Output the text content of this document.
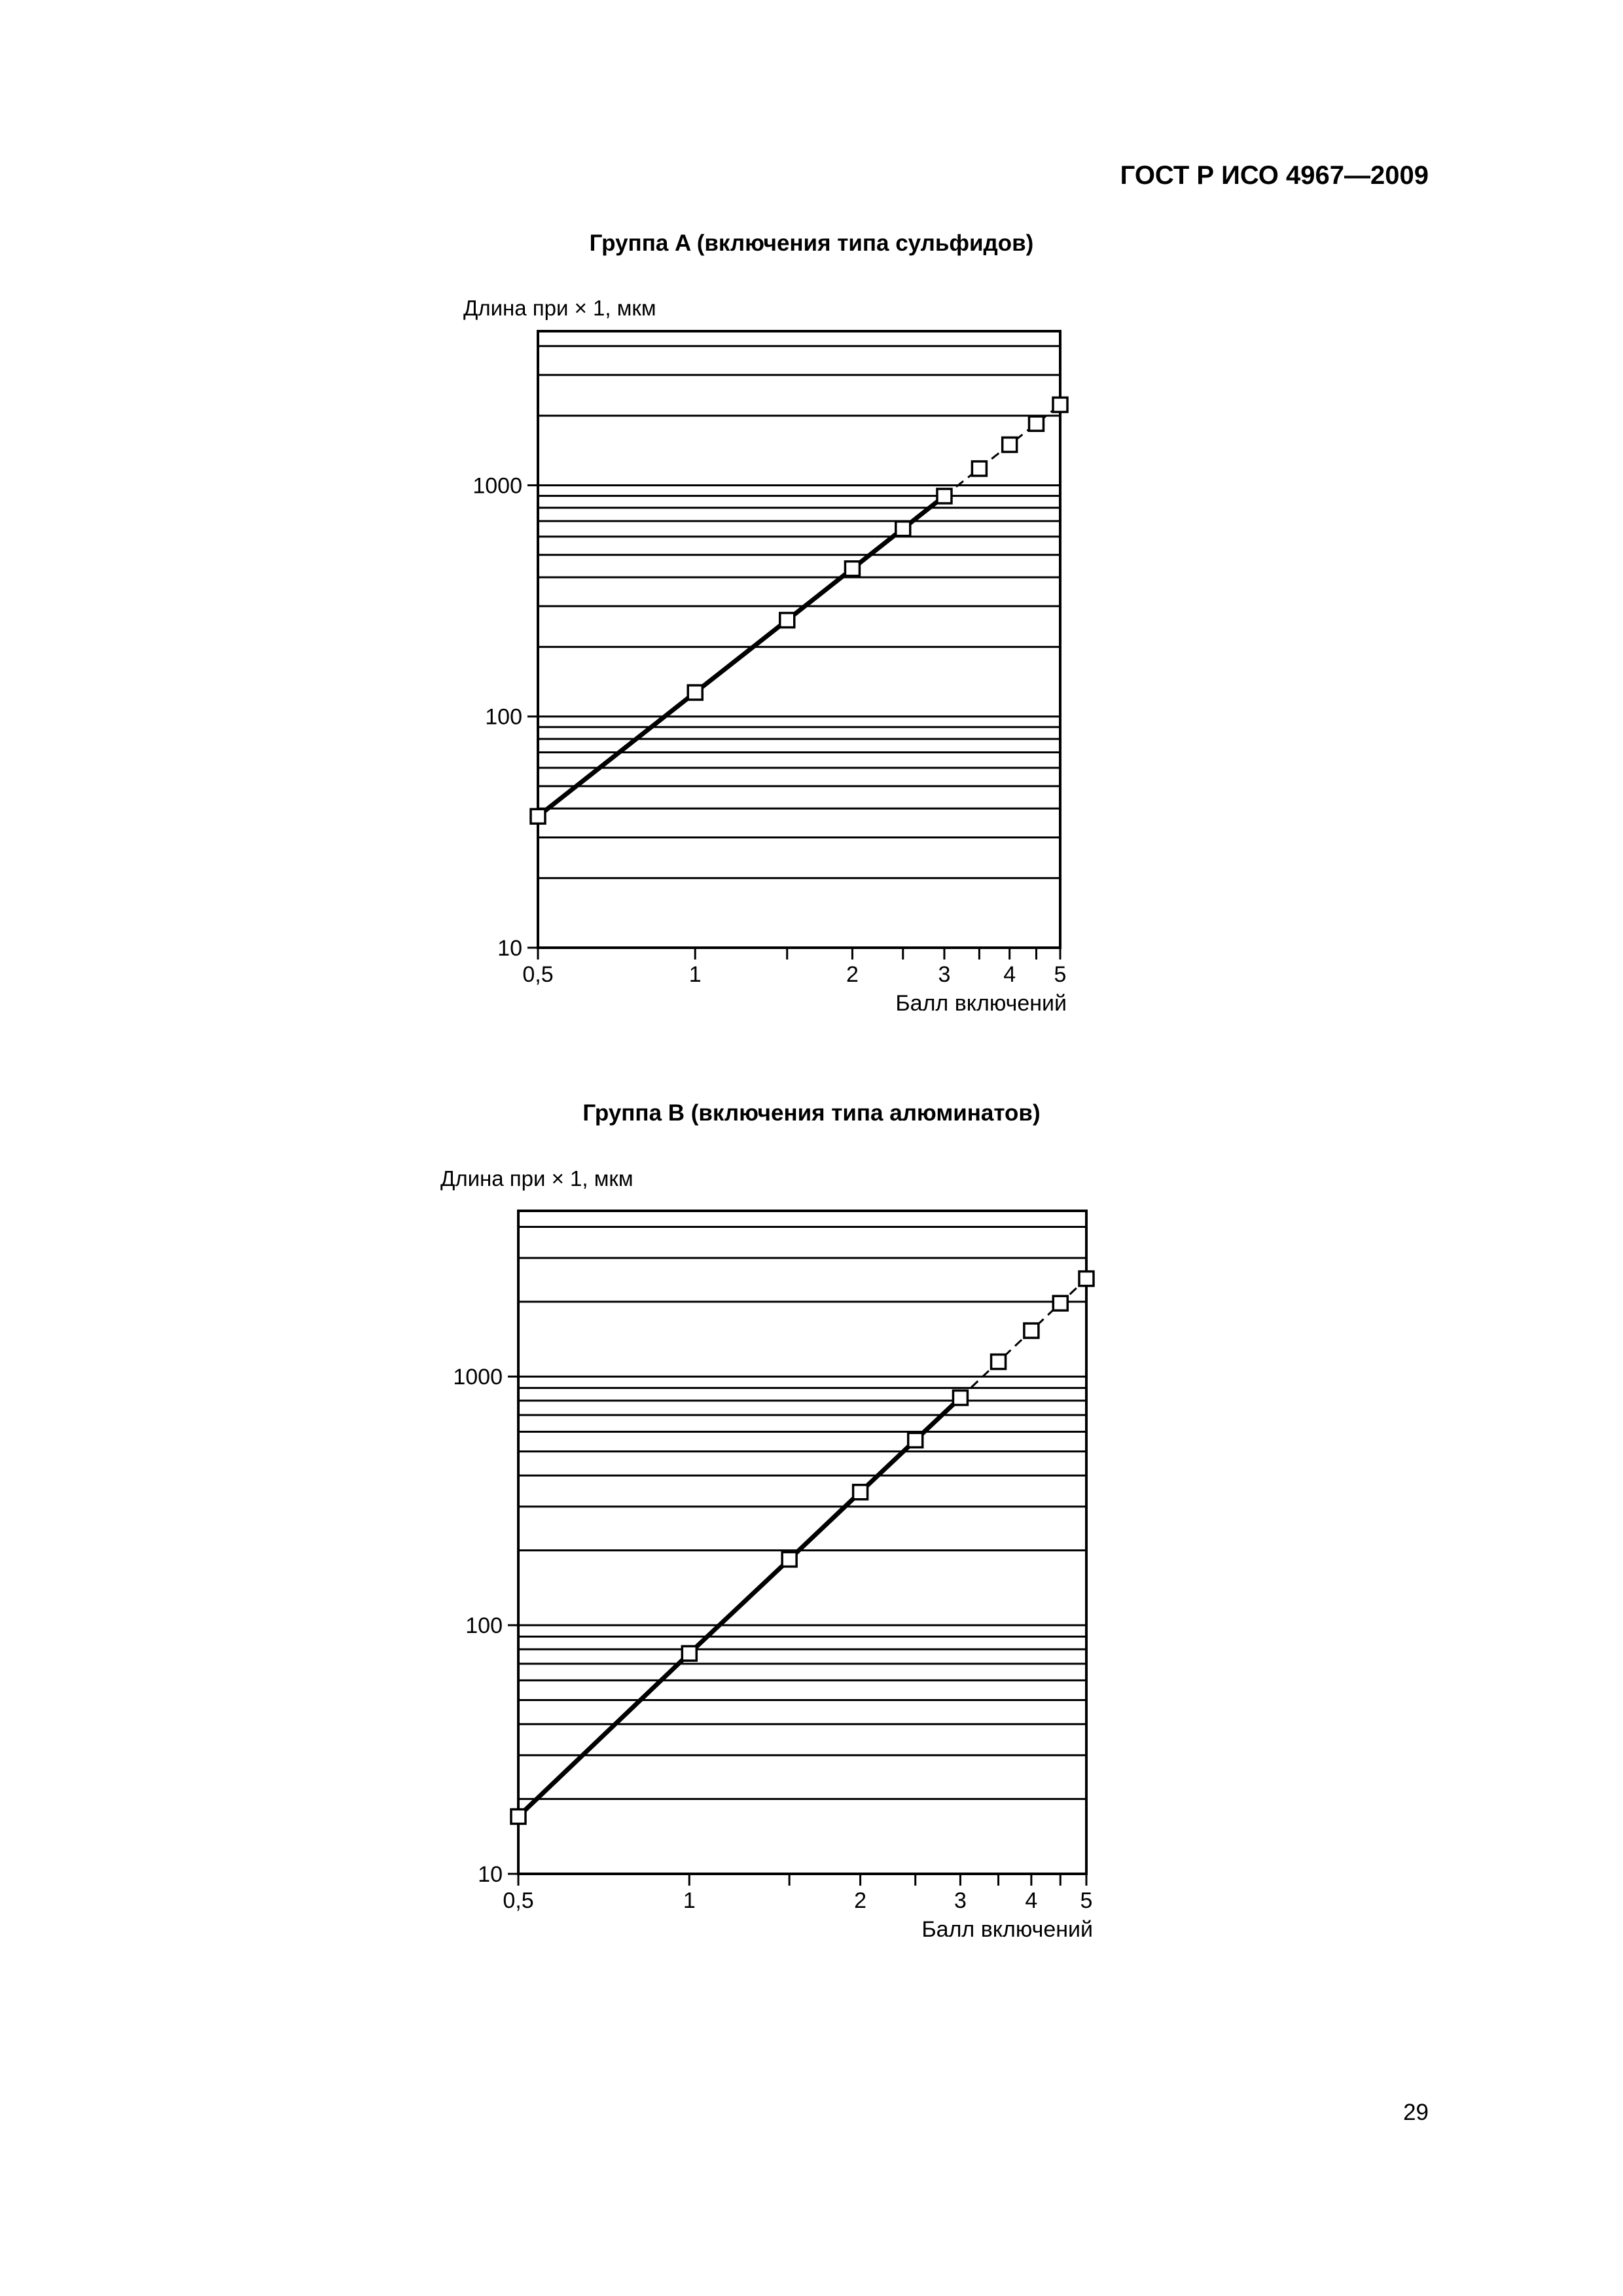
ГОСТ Р ИСО 4967—2009
Группа A (включения типа сульфидов)
Длина при × 1, мкм
Группа B (включения типа алюминатов)
Длина при × 1, мкм
10
100
1000
0,5	1	2	3 4 5
Балл включений
10
100
1000
0,5	1	2	3	4 5
Балл включений
29
